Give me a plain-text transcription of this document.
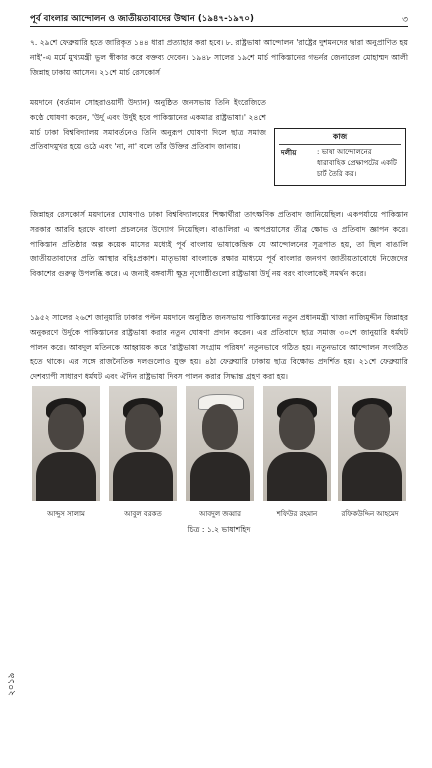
পূর্ব বাংলার আন্দোলন ও জাতীয়তাবাদের উত্থান (১৯৪৭-১৯৭০)	৩
২০১৯

৭. ২৯শে ফেব্রুয়ারি হতে জারিকৃত ১৪৪ ধারা প্রত্যাহার করা হবে। ৮. রাষ্ট্রভাষা আন্দোলন 'রাষ্ট্রের দুশমনদের দ্বারা অনুপ্রাণিত হয় নাই'-এ মর্মে মুখ্যমন্ত্রী ভুল স্বীকার করে বক্তব্য দেবেন। ১৯৪৮ সালের ১৯শে মার্চ পাকিস্তানের গভর্নর জেনারেল মোহাম্মদ আলী জিন্নাহ ঢাকায় আসেন। ২১শে মার্চ রেসকোর্স

ময়দানে (বর্তমান সোহরাওয়ার্দী উদ্যান) অনুষ্ঠিত জনসভায় তিনি ইংরেজিতে কণ্ঠে ঘোষণা করেন, 'উর্দু এবং উর্দুই হবে পাকিস্তানের একমাত্র রাষ্ট্রভাষা।' ২৪শে মার্চ ঢাকা বিশ্ববিদ্যালয় সমাবর্তনেও তিনি অনুরূপ ঘোষণা দিলে ছাত্র সমাজ প্রতিবাদমুখর হয়ে ওঠে এবং 'না, না' বলে তাঁর উক্তির প্রতিবাদ জানায়।

কাজ
দলীয়	: ভাষা আন্দোলনের ধারাবাহিক প্রেক্ষাপটের একটি চার্ট তৈরি কর।

জিন্নাহর রেসকোর্স ময়দানের ঘোষণাও ঢাকা বিশ্ববিদ্যালয়ের শিক্ষার্থীরা তাৎক্ষণিক প্রতিবাদ জানিয়েছিল। একপর্যায়ে পাকিস্তান সরকার আরবি হরফে বাংলা প্রচলনের উদ্যোগ নিয়েছিল। বাঙালিরা এ অপপ্রয়াসের তীব্র ক্ষোভ ও প্রতিবাদ জ্ঞাপন করে। পাকিস্তান প্রতিষ্ঠার অল্প কয়েক মাসের মধ্যেই পূর্ব বাংলায় ভাষাকেন্দ্রিক যে আন্দোলনের সূত্রপাত হয়, তা ছিল বাঙালি জাতীয়তাবাদের প্রতি আস্থার বহিঃপ্রকাশ। মাতৃভাষা বাংলাকে রক্ষার মাধ্যমে পূর্ব বাংলার জনগণ জাতীয়তাবোধে নিজেদের বিকাশের গুরুত্ব উপলব্ধি করে। এ জন্যই বঙ্গবাসী ক্ষুদ্র নৃগোষ্ঠীগুলো রাষ্ট্রভাষা উর্দু নয় বরং বাংলাকেই সমর্থন করে।

১৯৫২ সালের ২৬শে জানুয়ারি ঢাকার পল্টন ময়দানে অনুষ্ঠিত জনসভায় পাকিস্তানের নতুন প্রধানমন্ত্রী খাজা নাজিমুদ্দীন জিন্নাহর অনুকরণে উর্দুকে পাকিস্তানের রাষ্ট্রভাষা করার নতুন ঘোষণা প্রদান করেন। এর প্রতিবাদে ছাত্র সমাজ ৩০শে জানুয়ারি ধর্মঘট পালন করে। আবদুল মতিনকে আহ্বায়ক করে 'রাষ্ট্রভাষা সংগ্রাম পরিষদ' নতুনভাবে গঠিত হয়। নতুনভাবে আন্দোলন সংগঠিত হতে থাকে। এর সঙ্গে রাজনৈতিক দলগুলোও যুক্ত হয়। ৪ঠা ফেব্রুয়ারি ঢাকায় ছাত্র বিক্ষোভ প্রদর্শিত হয়। ২১শে ফেব্রুয়ারি দেশব্যাপী সাধারণ ধর্মঘট এবং ঐদিন রাষ্ট্রভাষা দিবস পালন করার সিদ্ধান্ত গ্রহণ করা হয়।

আব্দুস সালাম	আবুল বরকত	আবদুল জব্বার	শফিউর রহমান	রফিকউদ্দিন আহমেদ
চিত্র : ১.২ ভাষাশহিদ
